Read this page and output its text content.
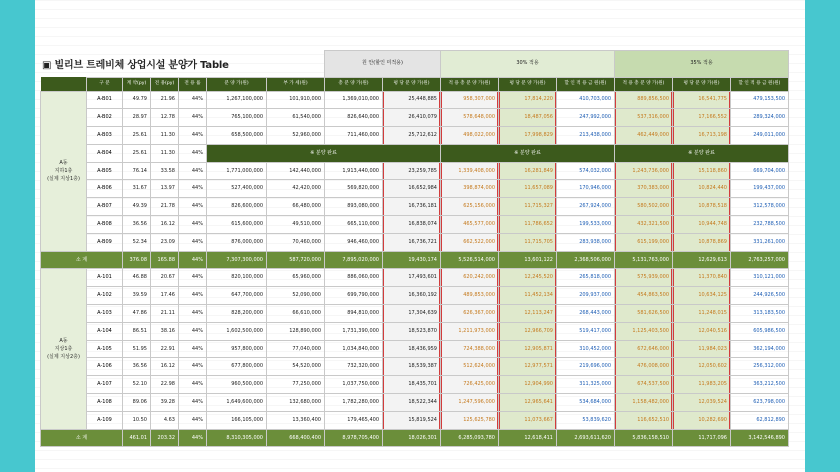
							원 안(할인 미적용)		30% 적용			35% 적용		
	구 분	계 약(py)	전 용(py)	전 용 률	분 양 가(원)	부 가 세(원)	총 분 양 가(원)	평 당 분 양 가(원)	적 용 총 분 양 가(원)	평 당 분 양 가(원)	할 인 적 용 금 원(원)	적 용 총 분 양 가(원)	평 당 분 양 가(원)	할 인 적 용 금 원(원)

A동
지하1층
(실제 지상1층)	A-B01	49.79	21.96	44%	1,267,100,000	101,910,000	1,369,010,000	25,448,885	958,307,000	17,814,220	410,703,000	889,856,500	16,541,775	479,153,500
	A-B02	28.97	12.78	44%	765,100,000	61,540,000	826,640,000	26,410,079	578,648,000	18,487,056	247,992,000	537,316,000	17,166,552	289,324,000
	A-B03	25.61	11.30	44%	658,500,000	52,960,000	711,460,000	25,712,612	498,022,000	17,998,829	213,438,000	462,449,000	16,713,198	249,011,000
	A-B04	25.61	11.30	44%	※ 분양 완료				※ 분양 완료			※ 분양 완료		
	A-B05	76.14	33.58	44%	1,771,000,000	142,440,000	1,913,440,000	23,259,785	1,339,408,000	16,281,849	574,032,000	1,243,736,000	15,118,860	669,704,000
	A-B06	31.67	13.97	44%	527,400,000	42,420,000	569,820,000	16,652,984	398,874,000	11,657,089	170,946,000	370,383,000	10,824,440	199,437,000
	A-B07	49.39	21.78	44%	826,600,000	66,480,000	893,080,000	16,736,181	625,156,000	11,715,327	267,924,000	580,502,000	10,878,518	312,578,000
	A-B08	36.56	16.12	44%	615,600,000	49,510,000	665,110,000	16,838,074	465,577,000	11,786,652	199,533,000	432,321,500	10,944,748	232,788,500
	A-B09	52.34	23.09	44%	876,000,000	70,460,000	946,460,000	16,736,721	662,522,000	11,715,705	283,938,000	615,199,000	10,878,869	331,261,000
소 계		376.08	165.88	44%	7,307,300,000	587,720,000	7,895,020,000	19,430,174	5,526,514,000	13,601,122	2,368,506,000	5,131,763,000	12,629,613	2,763,257,000

A동
지상1층
(실제 지상2층)	A-101	46.88	20.67	44%	820,100,000	65,960,000	886,060,000	17,493,601	620,242,000	12,245,520	265,818,000	575,939,000	11,370,840	310,121,000
	A-102	39.59	17.46	44%	647,700,000	52,090,000	699,790,000	16,360,192	489,853,000	11,452,134	209,937,000	454,863,500	10,634,125	244,926,500
	A-103	47.86	21.11	44%	828,200,000	66,610,000	894,810,000	17,304,639	626,367,000	12,113,247	268,443,000	581,626,500	11,248,015	313,183,500
	A-104	86.51	38.16	44%	1,602,500,000	128,890,000	1,731,390,000	18,523,870	1,211,973,000	12,966,709	519,417,000	1,125,403,500	12,040,516	605,986,500
	A-105	51.95	22.91	44%	957,800,000	77,040,000	1,034,840,000	18,436,959	724,388,000	12,905,871	310,452,000	672,646,000	11,984,023	362,194,000
	A-106	36.56	16.12	44%	677,800,000	54,520,000	732,320,000	18,539,387	512,624,000	12,977,571	219,696,000	476,008,000	12,050,602	256,312,000
	A-107	52.10	22.98	44%	960,500,000	77,250,000	1,037,750,000	18,435,701	726,425,000	12,904,990	311,325,000	674,537,500	11,983,205	363,212,500
	A-108	89.06	39.28	44%	1,649,600,000	132,680,000	1,782,280,000	18,522,344	1,247,596,000	12,965,641	534,684,000	1,158,482,000	12,039,524	623,798,000
	A-109	10.50	4.63	44%	166,105,000	13,360,400	179,465,400	15,819,524	125,625,780	11,073,667	53,839,620	116,652,510	10,282,690	62,812,890
소 계		461.01	203.32	44%	8,310,305,000	668,400,400	8,978,705,400	18,026,301	6,285,093,780	12,618,411	2,693,611,620	5,836,158,510	11,717,096	3,142,546,890
▣ 빌리브 트레비체 상업시설 분양가 Table
